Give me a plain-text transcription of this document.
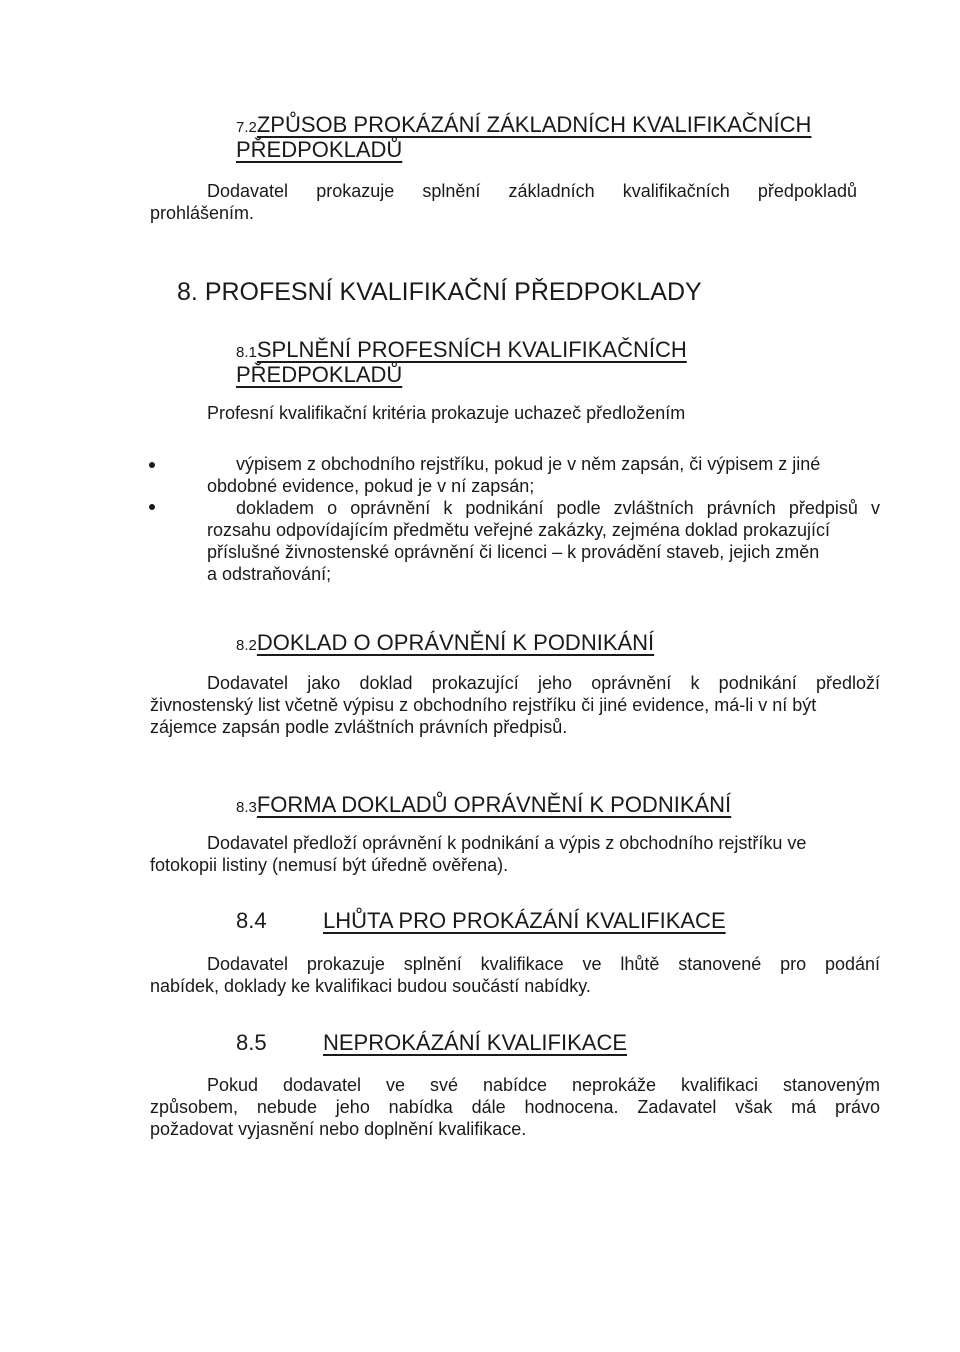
7.2ZPŮSOB PROKÁZÁNÍ ZÁKLADNÍCH KVALIFIKAČNÍCH
PŘEDPOKLADŮ
Dodavatel prokazuje splnění základních kvalifikačních předpokladů
prohlášením.
8. PROFESNÍ KVALIFIKAČNÍ PŘEDPOKLADY
8.1SPLNĚNÍ PROFESNÍCH KVALIFIKAČNÍCH
PŘEDPOKLADŮ
Profesní kvalifikační kritéria prokazuje uchazeč předložením
výpisem z obchodního rejstříku, pokud je v něm zapsán, či výpisem z jiné
obdobné evidence, pokud je v ní zapsán;
dokladem o oprávnění k podnikání podle zvláštních právních předpisů v
rozsahu odpovídajícím předmětu veřejné zakázky, zejména doklad prokazující
příslušné živnostenské oprávnění či licenci – k provádění staveb, jejich změn
a odstraňování;
8.2DOKLAD O OPRÁVNĚNÍ K PODNIKÁNÍ
Dodavatel jako doklad prokazující jeho oprávnění k podnikání předloží
živnostenský list včetně výpisu z obchodního rejstříku či jiné evidence, má-li v ní být
zájemce zapsán podle zvláštních právních předpisů.
8.3FORMA DOKLADŮ OPRÁVNĚNÍ K PODNIKÁNÍ
Dodavatel předloží oprávnění k podnikání a výpis z obchodního rejstříku ve
fotokopii listiny (nemusí být úředně ověřena).
8.4	LHŮTA PRO PROKÁZÁNÍ KVALIFIKACE
Dodavatel prokazuje splnění kvalifikace ve lhůtě stanovené pro podání
nabídek, doklady ke kvalifikaci budou součástí nabídky.
8.5	NEPROKÁZÁNÍ KVALIFIKACE
Pokud dodavatel ve své nabídce neprokáže kvalifikaci stanoveným
způsobem, nebude jeho nabídka dále hodnocena. Zadavatel však má právo
požadovat vyjasnění nebo doplnění kvalifikace.
